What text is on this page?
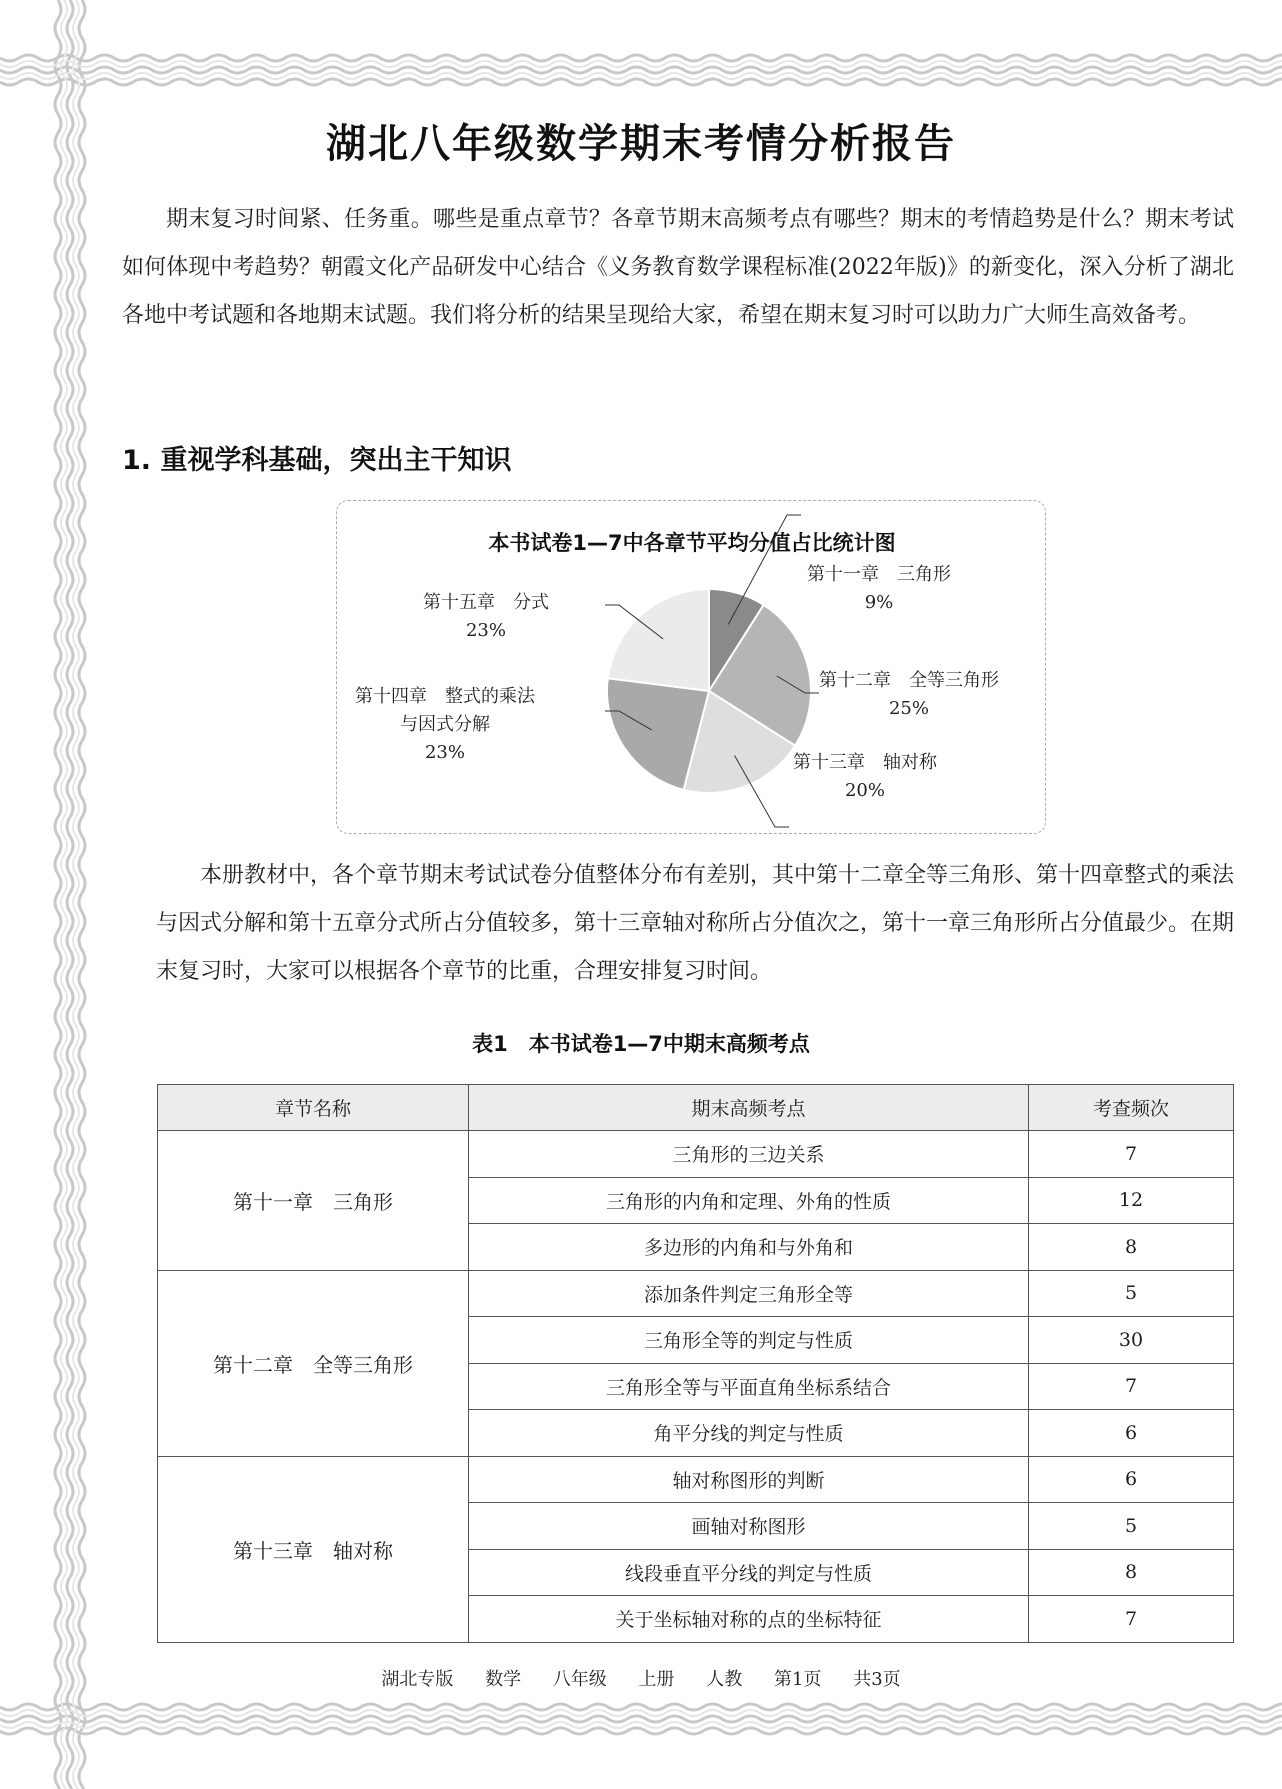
湖北八年级数学期末考情分析报告

期末复习时间紧、任务重。哪些是重点章节？各章节期末高频考点有哪些？期末的考情趋势是什么？期末考试如何体现中考趋势？朝霞文化产品研发中心结合《义务教育数学课程标准(2022年版)》的新变化，深入分析了湖北各地中考试题和各地期末试题。我们将分析的结果呈现给大家，希望在期末复习时可以助力广大师生高效备考。

1. 重视学科基础，突出主干知识
本书试卷1—7中各章节平均分值占比统计图
第十一章　 三角形
9%
第十二章　 全等三角形
25%
第十三章　 轴对称
20%
第十四章　 整式的乘法
与因式分解
23%
第十五章　 分式
23%

本册教材中，各个章节期末考试试卷分值整体分布有差别，其中第十二章全等三角形、第十四章整式的乘法与因式分解和第十五章分式所占分值较多，第十三章轴对称所占分值次之，第十一章三角形所占分值最少。在期末复习时，大家可以根据各个章节的比重，合理安排复习时间。

表1　本书试卷1—7中期末高频考点
章节名称	期末高频考点	考查频次
第十一章　三角形	三角形的三边关系	7
	三角形的内角和定理、外角的性质	12
	多边形的内角和与外角和	8
第十二章　全等三角形	添加条件判定三角形全等	5
	三角形全等的判定与性质	30
	三角形全等与平面直角坐标系结合	7
	角平分线的判定与性质	6
第十三章　轴对称	轴对称图形的判断	6
	画轴对称图形	5
	线段垂直平分线的判定与性质	8
	关于坐标轴对称的点的坐标特征	7
湖北专版 数学 八年级 上册 人教 第1页 共3页
